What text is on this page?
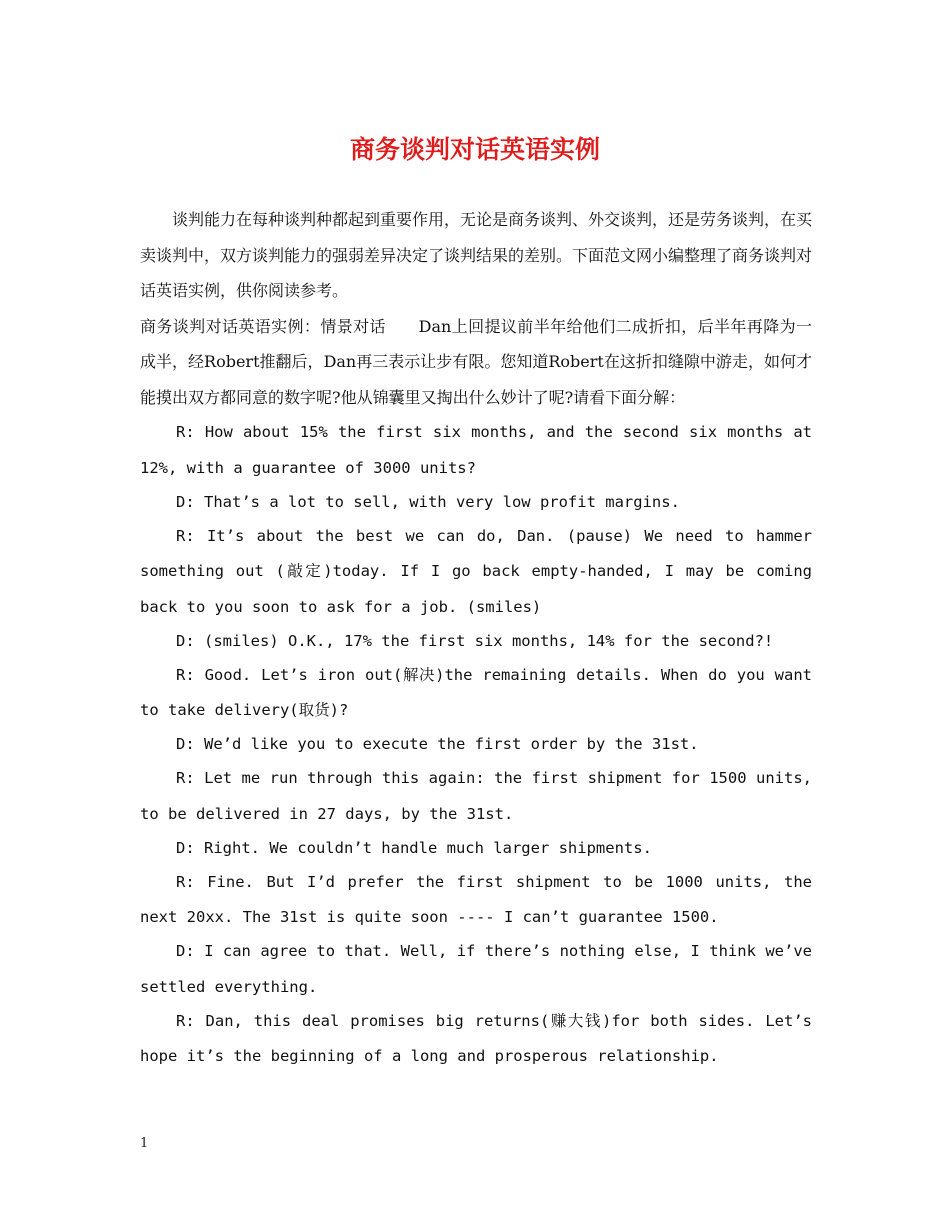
商务谈判对话英语实例

谈判能力在每种谈判种都起到重要作用，无论是商务谈判、外交谈判，还是劳务谈判，在买卖谈判中，双方谈判能力的强弱差异决定了谈判结果的差别。下面范文网小编整理了商务谈判对话英语实例，供你阅读参考。

商务谈判对话英语实例：情景对话　　Dan上回提议前半年给他们二成折扣，后半年再降为一成半，经Robert推翻后，Dan再三表示让步有限。您知道Robert在这折扣缝隙中游走，如何才能摸出双方都同意的数字呢?他从锦囊里又掏出什么妙计了呢?请看下面分解：

R: How about 15% the first six months, and the second six months at 12%, with a guarantee of 3000 units?

D: That’s a lot to sell, with very low profit margins.

R: It’s about the best we can do, Dan. (pause) We need to hammer something out (敲定)today. If I go back empty-handed, I may be coming back to you soon to ask for a job. (smiles)

D: (smiles) O.K., 17% the first six months, 14% for the second?!

R: Good. Let’s iron out(解决)the remaining details. When do you want to take delivery(取货)?

D: We’d like you to execute the first order by the 31st.

R: Let me run through this again: the first shipment for 1500 units, to be delivered in 27 days, by the 31st.

D: Right. We couldn’t handle much larger shipments.

R: Fine. But I’d prefer the first shipment to be 1000 units, the next 20xx. The 31st is quite soon ---- I can’t guarantee 1500.

D: I can agree to that. Well, if there’s nothing else, I think we’ve settled everything.

R: Dan, this deal promises big returns(赚大钱)for both sides. Let’s hope it’s the beginning of a long and prosperous relationship.

1
